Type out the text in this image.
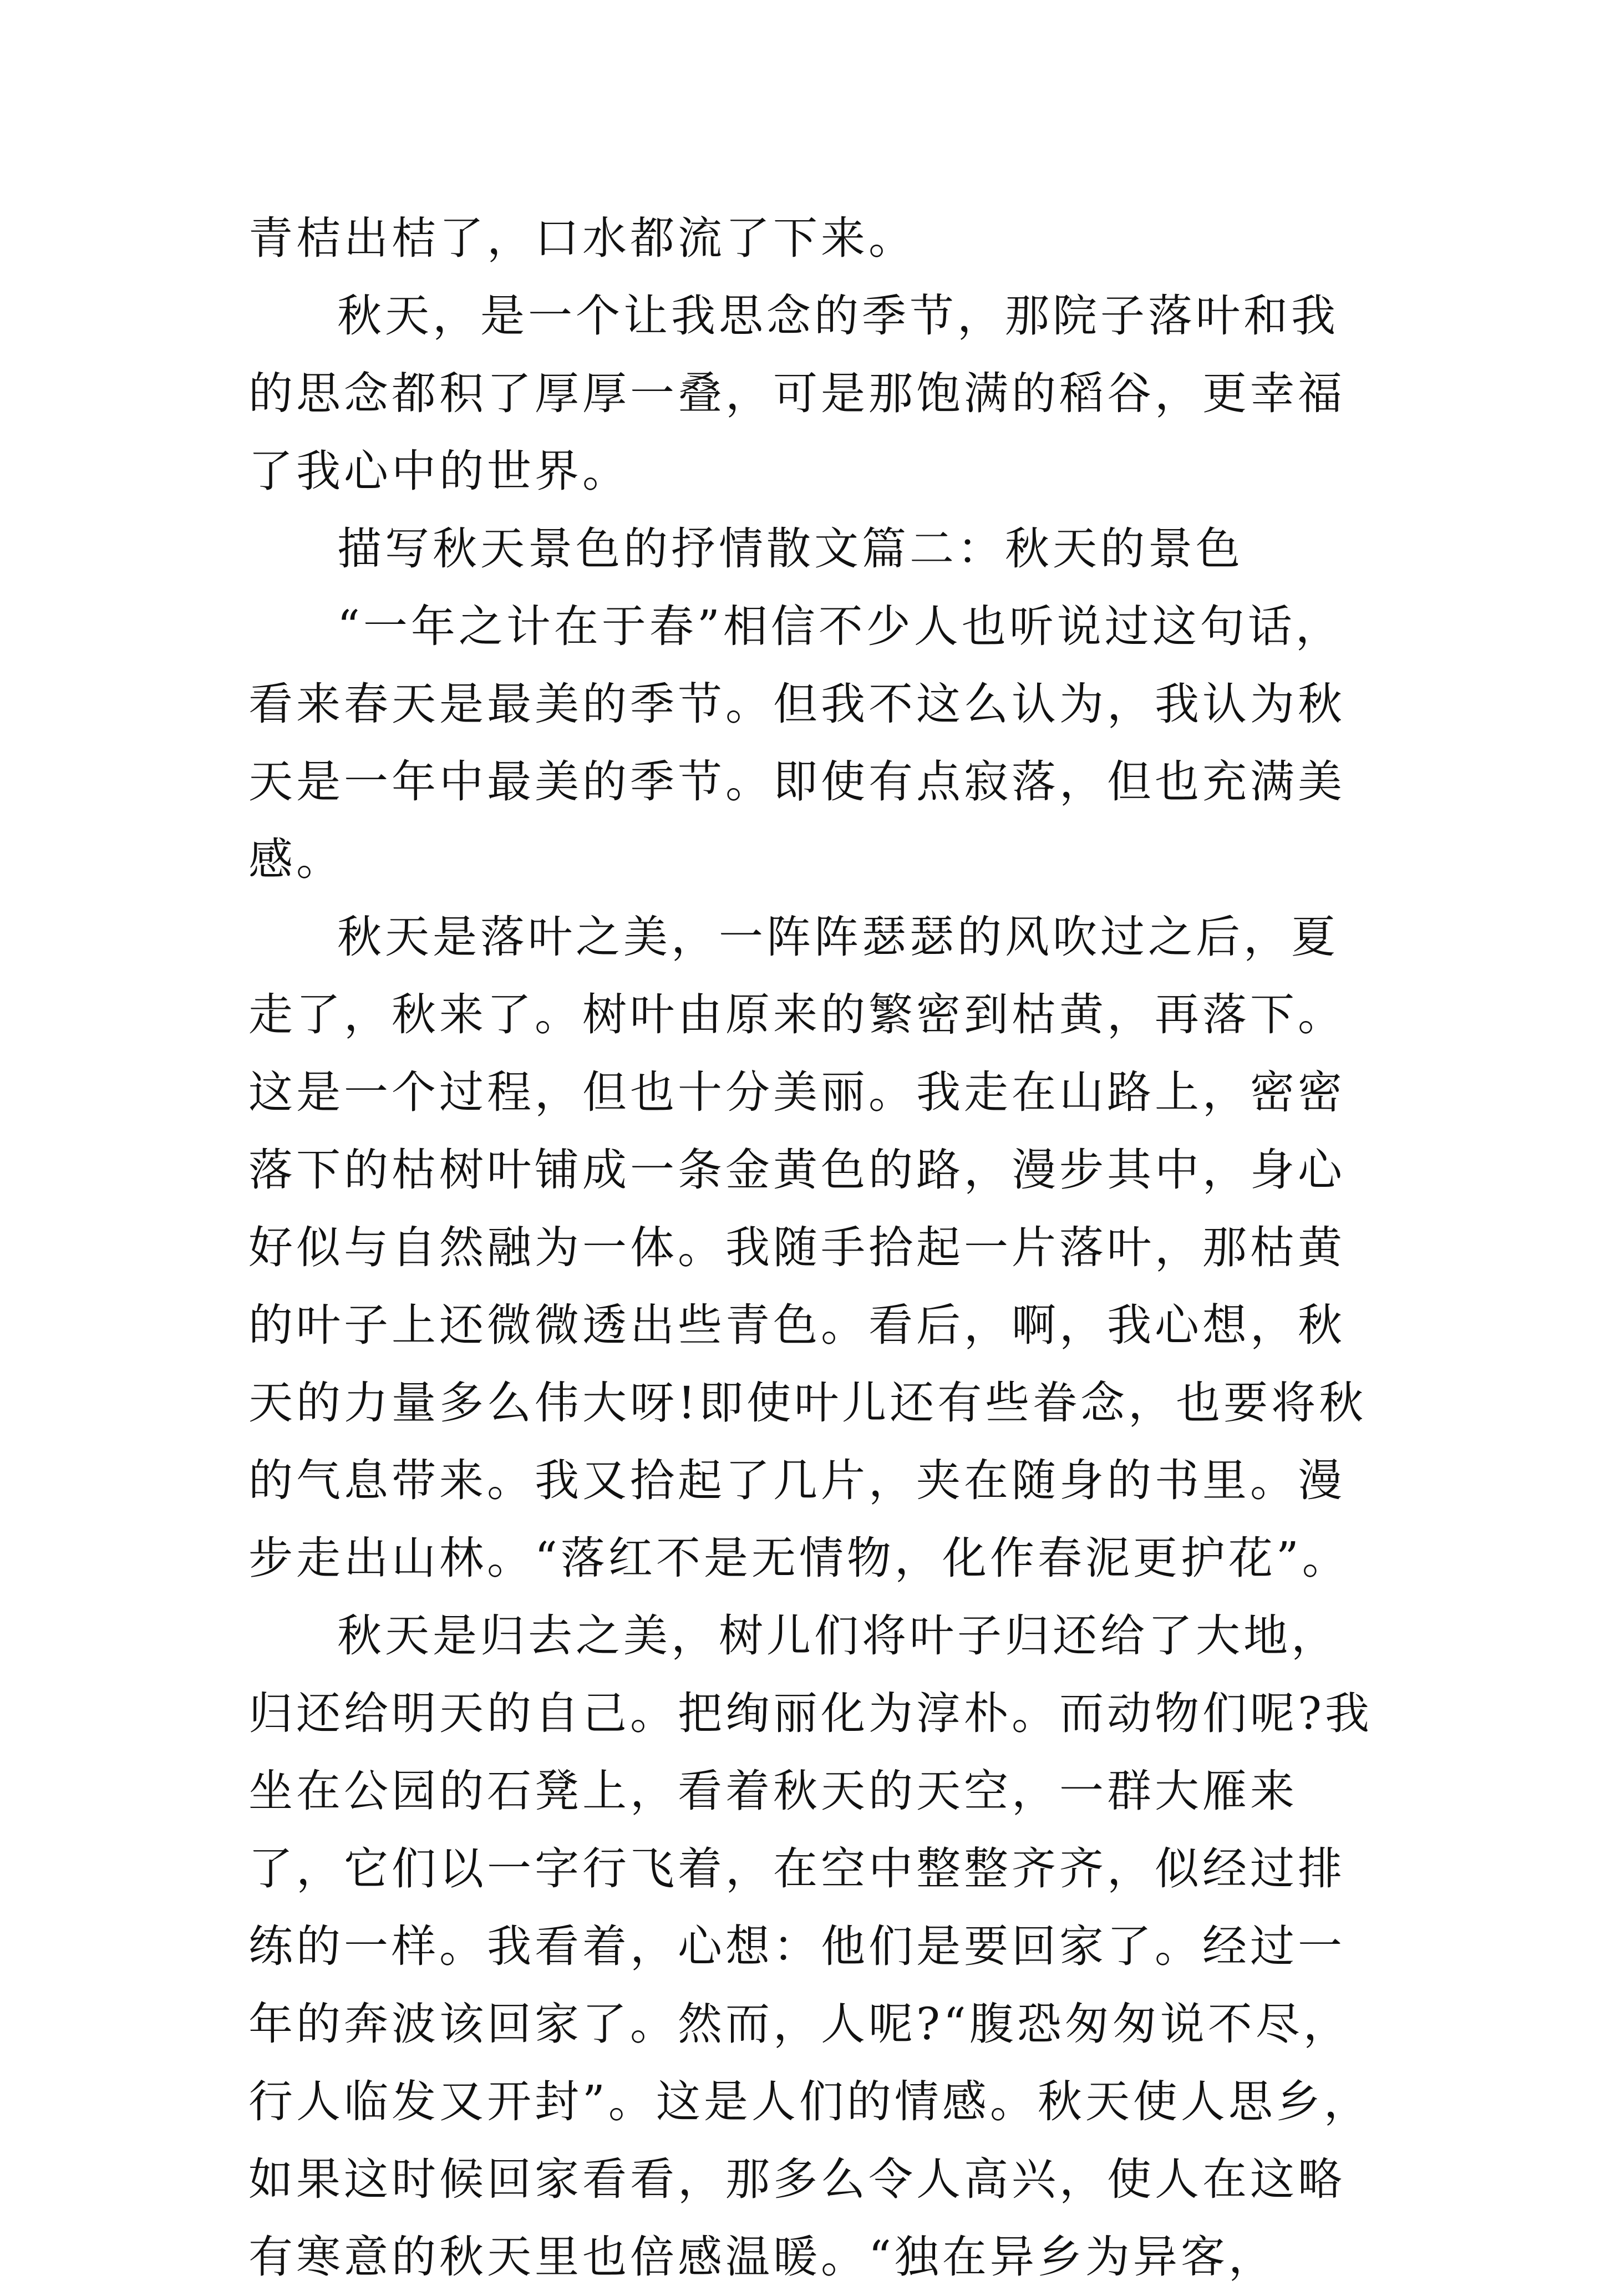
青桔出桔了，口水都流了下来。

秋天，是一个让我思念的季节，那院子落叶和我的思念都积了厚厚一叠，可是那饱满的稻谷，更幸福了我心中的世界。

描写秋天景色的抒情散文篇二：秋天的景色

“一年之计在于春”相信不少人也听说过这句话，看来春天是最美的季节。但我不这么认为，我认为秋天是一年中最美的季节。即使有点寂落，但也充满美感。

秋天是落叶之美，一阵阵瑟瑟的风吹过之后，夏走了，秋来了。树叶由原来的繁密到枯黄，再落下。这是一个过程，但也十分美丽。我走在山路上，密密落下的枯树叶铺成一条金黄色的路，漫步其中，身心好似与自然融为一体。我随手拾起一片落叶，那枯黄的叶子上还微微透出些青色。看后，啊，我心想，秋天的力量多么伟大呀!即使叶儿还有些眷念，也要将秋的气息带来。我又拾起了几片，夹在随身的书里。漫步走出山林。“落红不是无情物，化作春泥更护花”。

秋天是归去之美，树儿们将叶子归还给了大地，归还给明天的自己。把绚丽化为淳朴。而动物们呢?我坐在公园的石凳上，看着秋天的天空，一群大雁来了，它们以一字行飞着，在空中整整齐齐，似经过排练的一样。我看着，心想：他们是要回家了。经过一年的奔波该回家了。然而，人呢?“腹恐匆匆说不尽，行人临发又开封”。这是人们的情感。秋天使人思乡，如果这时候回家看看，那多么令人高兴，使人在这略有寒意的秋天里也倍感温暖。“独在异乡为异客，
